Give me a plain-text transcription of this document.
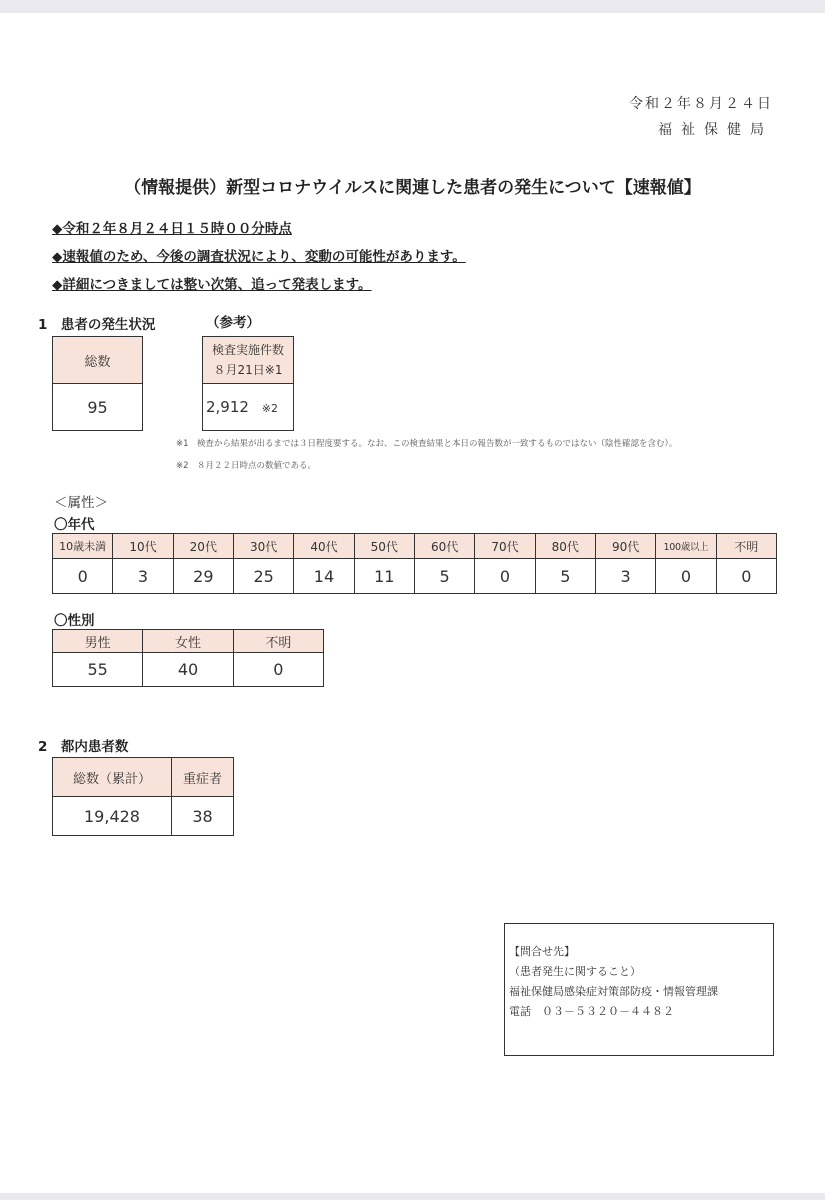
令和２年８月２４日
福祉保健局
（情報提供）新型コロナウイルスに関連した患者の発生について【速報値】
◆令和２年８月２４日１５時００分時点
◆速報値のため、今後の調査状況により、変動の可能性があります。
◆詳細につきましては整い次第、追って発表します。
1　患者の発生状況	（参考）
総数
95
検査実施件数
８月21日※1

2,912 ※2
※1　検査から結果が出るまでは３日程度要する。なお、この検査結果と本日の報告数が一致するものではない（陰性確認を含む）。
※2　８月２２日時点の数値である。
＜属性＞
〇年代
10歳未満	10代	20代	30代	40代	50代	60代	70代	80代	90代	100歳以上	不明
0	3	29	25	14	11	5	0	5	3	0	0
〇性別
男性	女性	不明
55	40	0
2　都内患者数
総数（累計）	重症者
19,428	38
【問合せ先】
（患者発生に関すること）
福祉保健局感染症対策部防疫・情報管理課
電話　０３－５３２０－４４８２
